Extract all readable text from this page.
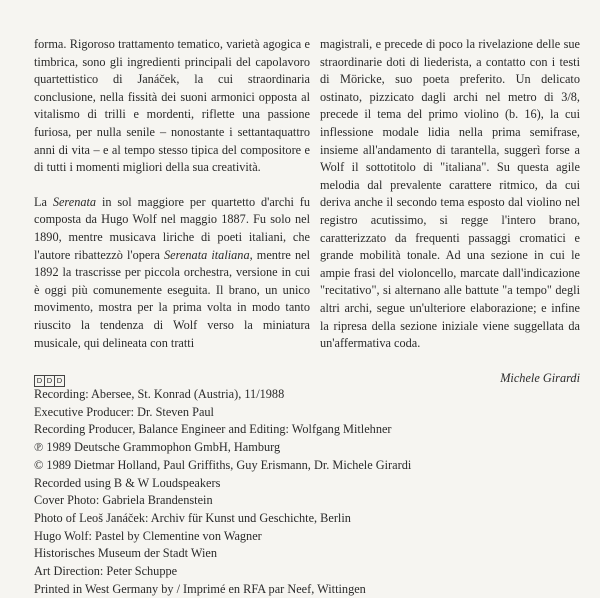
forma. Rigoroso trattamento tematico, varietà agogica e timbrica, sono gli ingredienti principali del capolavoro quartettistico di Janáček, la cui straordinaria conclusione, nella fissità dei suoni armonici opposta al vitalismo di trilli e mordenti, riflette una passione furiosa, per nulla senile – nonostante i settantaquattro anni di vita – e al tempo stesso tipica del compositore e di tutti i momenti migliori della sua creatività.

La Serenata in sol maggiore per quartetto d'archi fu composta da Hugo Wolf nel maggio 1887. Fu solo nel 1890, mentre musicava liriche di poeti italiani, che l'autore ribattezzò l'opera Serenata italiana, mentre nel 1892 la trascrisse per piccola orchestra, versione in cui è oggi più comunemente eseguita. Il brano, un unico movimento, mostra per la prima volta in modo tanto riuscito la tendenza di Wolf verso la miniatura musicale, qui delineata con tratti

magistrali, e precede di poco la rivelazione delle sue straordinarie doti di liederista, a contatto con i testi di Möricke, suo poeta preferito. Un delicato ostinato, pizzicato dagli archi nel metro di 3/8, precede il tema del primo violino (b. 16), la cui inflessione modale lidia nella prima semifrase, insieme all'andamento di tarantella, suggerì forse a Wolf il sottotitolo di "italiana". Su questa agile melodia dal prevalente carattere ritmico, da cui deriva anche il secondo tema esposto dal violino nel registro acutissimo, si regge l'intero brano, caratterizzato da frequenti passaggi cromatici e grande mobilità tonale. Ad una sezione in cui le ampie frasi del violoncello, marcate dall'indicazione "recitativo", si alternano alle battute "a tempo" degli altri archi, segue un'ulteriore elaborazione; e infine la ripresa della sezione iniziale viene suggellata da un'affermativa coda.

Michele Girardi

D D D
Recording: Abersee, St. Konrad (Austria), 11/1988
Executive Producer: Dr. Steven Paul
Recording Producer, Balance Engineer and Editing: Wolfgang Mitlehner
℗ 1989 Deutsche Grammophon GmbH, Hamburg
© 1989 Dietmar Holland, Paul Griffiths, Guy Erismann, Dr. Michele Girardi
Recorded using B & W Loudspeakers
Cover Photo: Gabriela Brandenstein
Photo of Leoš Janáček: Archiv für Kunst und Geschichte, Berlin
Hugo Wolf: Pastel by Clementine von Wagner
Historisches Museum der Stadt Wien
Art Direction: Peter Schuppe
Printed in West Germany by / Imprimé en RFA par Neef, Wittingen
